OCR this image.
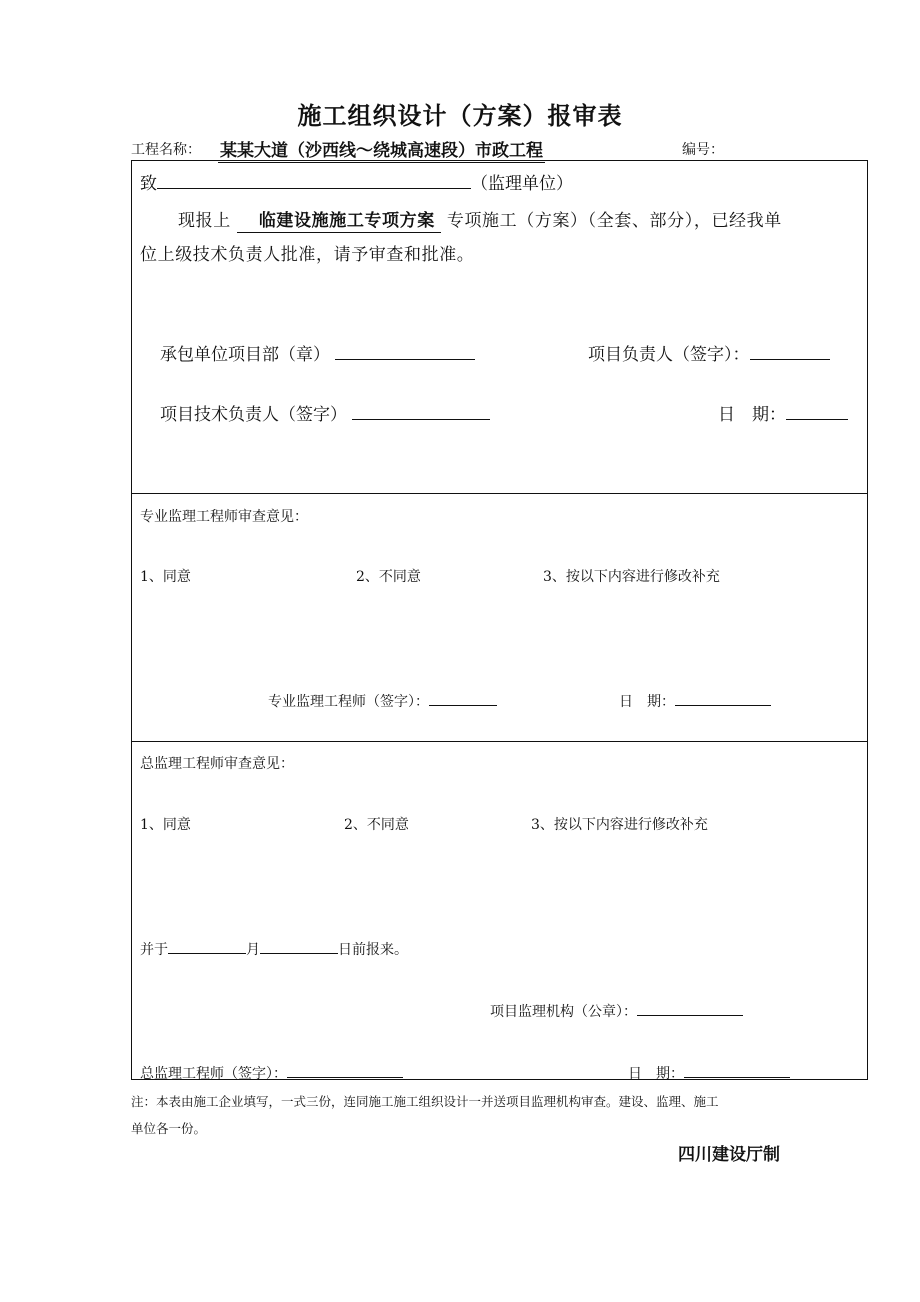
施工组织设计（方案）报审表
工程名称： 某某大道（沙西线～绕城高速段）市政工程	编号：
致	（监理单位）
现报上 临建设施施工专项方案 专项施工（方案）（全套、部分），已经我单
位上级技术负责人批准，请予审查和批准。
承包单位项目部（章）	项目负责人（签字）：
项目技术负责人（签字）	日　期：
专业监理工程师审查意见：
1、同意	2、不同意	3、按以下内容进行修改补充
专业监理工程师（签字）：	日　期：
总监理工程师审查意见：
1、同意	2、不同意	3、按以下内容进行修改补充
并于	月	日前报来。
项目监理机构（公章）：
总监理工程师（签字）：	日　期：
注：本表由施工企业填写，一式三份，连同施工施工组织设计一并送项目监理机构审查。建设、监理、施工
单位各一份。
四川建设厅制
